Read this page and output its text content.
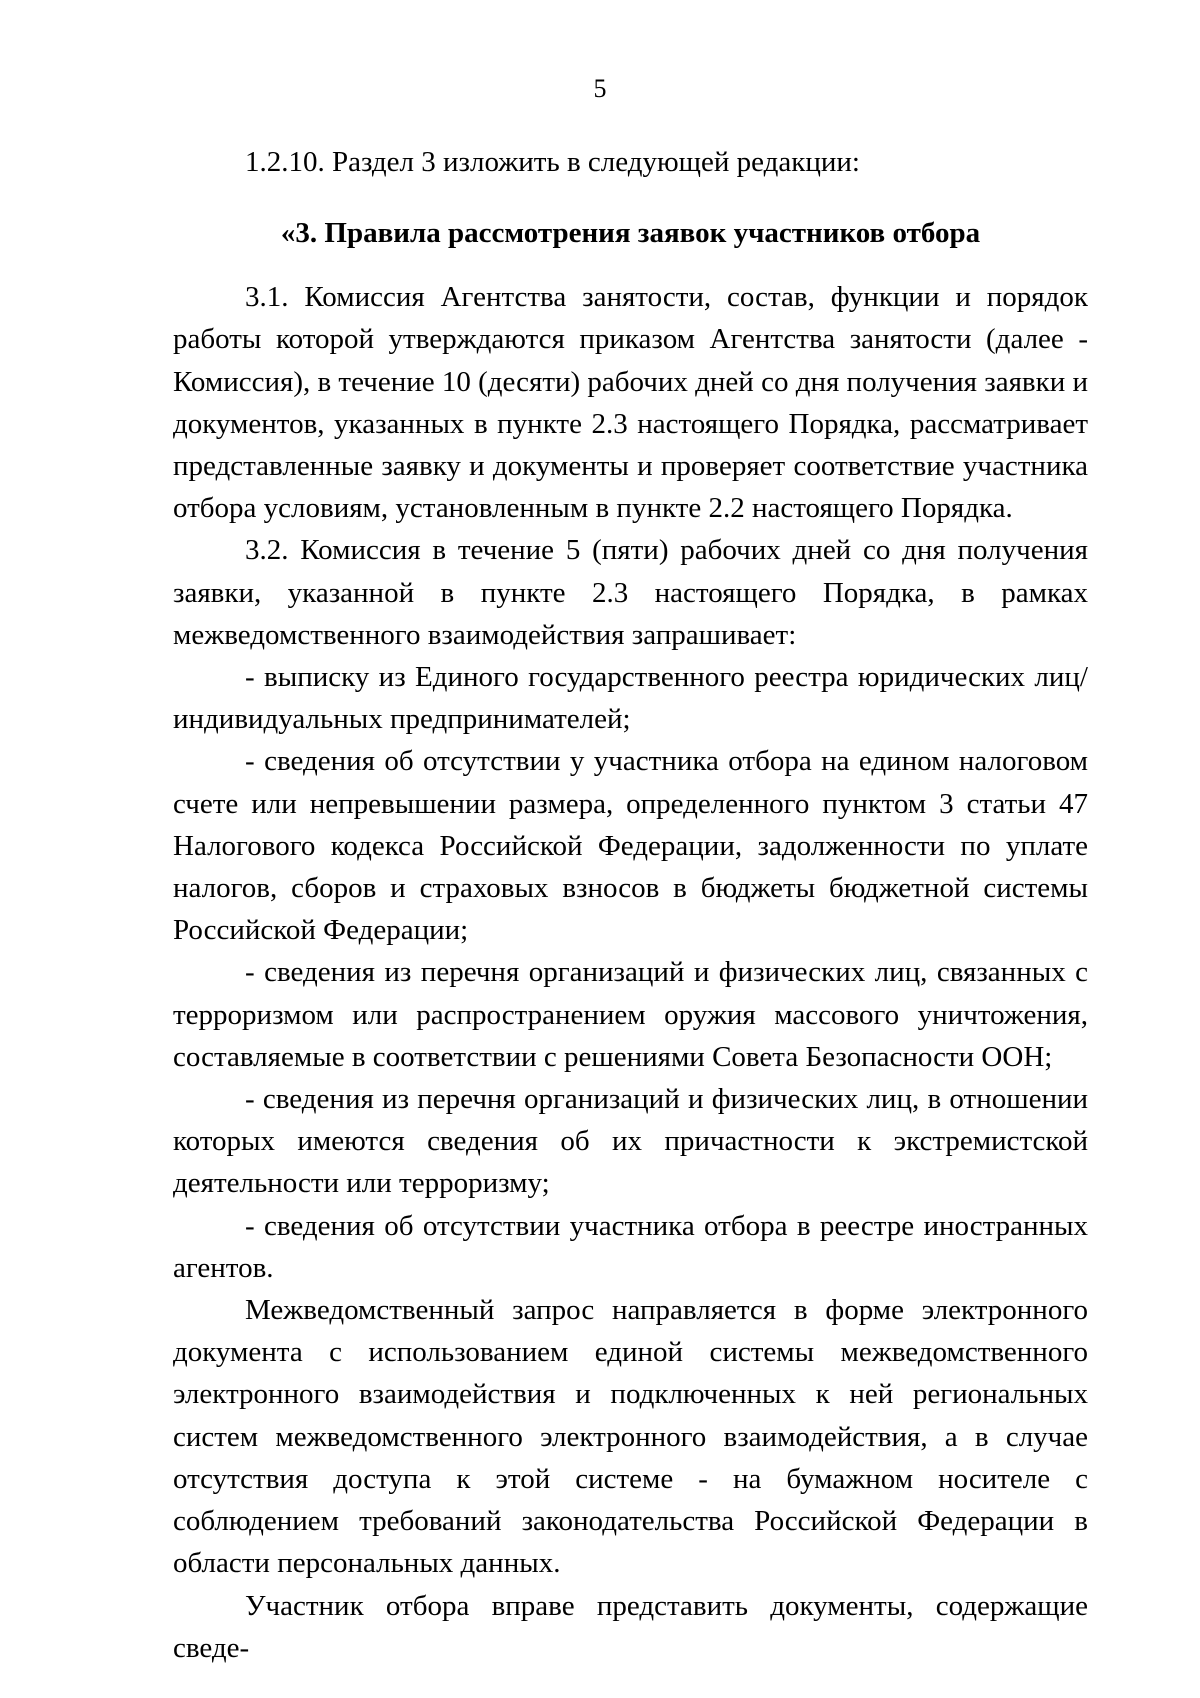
5

1.2.10. Раздел 3 изложить в следующей редакции:

«3. Правила рассмотрения заявок участников отбора

3.1. Комиссия Агентства занятости, состав, функции и порядок работы которой утверждаются приказом Агентства занятости (далее - Комиссия), в течение 10 (десяти) рабочих дней со дня получения заявки и документов, указанных в пункте 2.3 настоящего Порядка, рассматривает представленные заявку и документы и проверяет соответствие участника отбора условиям, установленным в пункте 2.2 настоящего Порядка.

3.2. Комиссия в течение 5 (пяти) рабочих дней со дня получения заявки, указанной в пункте 2.3 настоящего Порядка, в рамках межведомственного взаимодействия запрашивает:

- выписку из Единого государственного реестра юридических лиц/индивидуальных предпринимателей;

- сведения об отсутствии у участника отбора на едином налоговом счете или непревышении размера, определенного пунктом 3 статьи 47 Налогового кодекса Российской Федерации, задолженности по уплате налогов, сборов и страховых взносов в бюджеты бюджетной системы Российской Федерации;

- сведения из перечня организаций и физических лиц, связанных с терроризмом или распространением оружия массового уничтожения, составляемые в соответствии с решениями Совета Безопасности ООН;

- сведения из перечня организаций и физических лиц, в отношении которых имеются сведения об их причастности к экстремистской деятельности или терроризму;

- сведения об отсутствии участника отбора в реестре иностранных агентов.

Межведомственный запрос направляется в форме электронного документа с использованием единой системы межведомственного электронного взаимодействия и подключенных к ней региональных систем межведомственного электронного взаимодействия, а в случае отсутствия доступа к этой системе - на бумажном носителе с соблюдением требований законодательства Российской Федерации в области персональных данных.

Участник отбора вправе представить документы, содержащие сведе-
